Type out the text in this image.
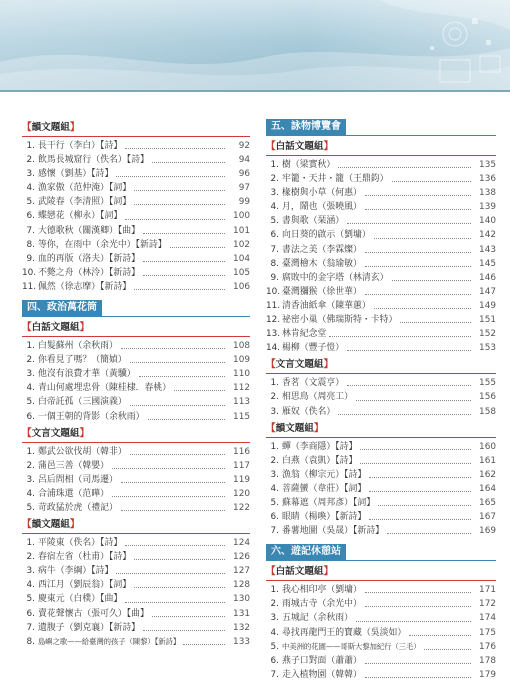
【韻文題組】
1. 長干行（李白）【詩】	92
2. 飲馬長城窟行（佚名）【詩】	94
3. 感懷（劉基）【詩】	96
4. 漁家傲（范仲淹）【詞】	97
5. 武陵春（李清照）【詞】	99
6. 蝶戀花（柳永）【詞】	100
7. 大德歌秋（關漢卿）【曲】	101
8. 等你，在雨中（余光中）【新詩】	102
9. 血的再版（洛夫）【新詩】	104
10. 不斃之舟（林泠）【新詩】	105
11. 佩然（徐志摩）【新詩】	106
四、政治萬花筒
【白話文題組】
1. 白髮蘇州（余秋雨）	108
2. 你看見了嗎？（簡媜）	109
3. 他沒有浪費才華（黃驥）	110
4. 青山何處埋忠骨（陳桂棣．春桃）	112
5. 白帝託孤（三國演義）	113
6. 一個王朝的背影（余秋雨）	115
【文言文題組】
1. 鄭武公欲伐胡（韓非）	116
2. 蒲邑三善（韓嬰）	117
3. 呂后問相（司馬遷）	119
4. 合浦珠還（范曄）	120
5. 苛政猛於虎（禮記）	122
【韻文題組】
1. 平陵東（佚名）【詩】	124
2. 春宿左省（杜甫）【詩】	126
3. 病牛（李綱）【詩】	127
4. 西江月（劉辰翁）【詞】	128
5. 慶東元（白樸）【曲】	130
6. 賣花聲懷古（張可久）【曲】	131
7. 遺腹子（劉克襄）【新詩】	132
8. 島嶼之歌——給臺灣的孩子（陳黎）【新詩】	133
五、詠物博覽會
【白話文題組】
1. 樹（梁實秋）	135
2. 牢籠・天井・籠（王鼎鈞）	136
3. 椽樹與小草（何惠）	138
4. 月，鬧也（張曉風）	139
5. 書與歌（琹涵）	140
6. 向日葵的啟示（劉墉）	142
7. 書法之美（李霖燦）	143
8. 臺灣檜木（翁瑜敏）	145
9. 腐敗中的金字塔（林清玄）	146
10. 臺灣獼猴（徐世華）	147
11. 清香油紙傘（陳華蕙）	149
12. 祕密小巢（佛瑞斯特・卡特）	151
13. 林肯紀念堂	152
14. 楊柳（豐子愷）	153
【文言文題組】
1. 香茗（文震亨）	155
2. 相思鳥（周亮工）	156
3. 雁奴（佚名）	158
【韻文題組】
1. 蟬（李商隱）【詩】	160
2. 白燕（袁凱）【詩】	161
3. 漁翁（柳宗元）【詩】	162
4. 菩薩蠻（韋莊）【詞】	164
5. 蘇幕遮（周邦彥）【詞】	165
6. 眼睛（楊喚）【新詩】	167
7. 番薯地圖（吳晟）【新詩】	169
六、遊記休憩站
【白話文題組】
1. 我心相印亭（劉墉）	171
2. 雨城古寺（余光中）	172
3. 五城記（余秋雨）	174
4. 尋找再龍門王的寶藏（吳淡如）	175
5. 中美洲的花園——哥斯大黎加紀行（三毛）	176
6. 燕子口對面（蕭蕭）	178
7. 走入植物園（韓韓）	179
